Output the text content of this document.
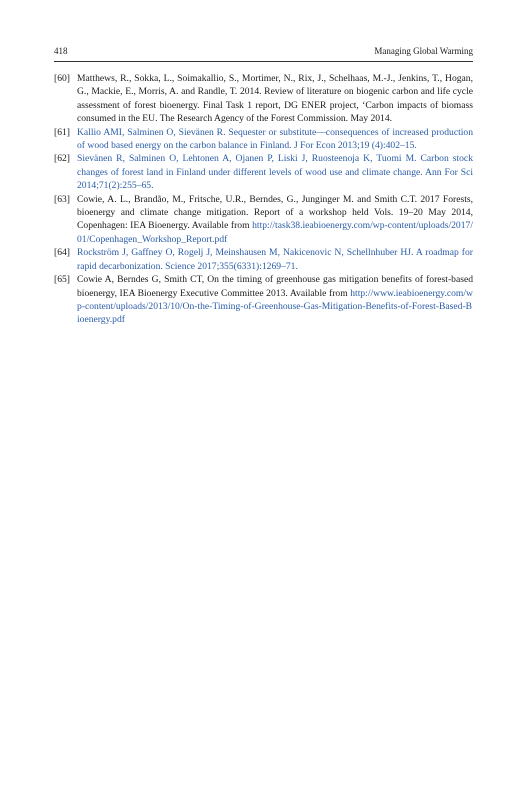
418	Managing Global Warming
[60] Matthews, R., Sokka, L., Soimakallio, S., Mortimer, N., Rix, J., Schelhaas, M.-J., Jenkins, T., Hogan, G., Mackie, E., Morris, A. and Randle, T. 2014. Review of literature on biogenic carbon and life cycle assessment of forest bioenergy. Final Task 1 report, DG ENER project, ‘Carbon impacts of biomass consumed in the EU. The Research Agency of the Forest Commission. May 2014.
[61] Kallio AMI, Salminen O, Sievänen R. Sequester or substitute—consequences of increased production of wood based energy on the carbon balance in Finland. J For Econ 2013;19 (4):402–15.
[62] Sievänen R, Salminen O, Lehtonen A, Ojanen P, Liski J, Ruosteenoja K, Tuomi M. Carbon stock changes of forest land in Finland under different levels of wood use and climate change. Ann For Sci 2014;71(2):255–65.
[63] Cowie, A. L., Brandão, M., Fritsche, U.R., Berndes, G., Junginger M. and Smith C.T. 2017 Forests, bioenergy and climate change mitigation. Report of a workshop held Vols. 19–20 May 2014, Copenhagen: IEA Bioenergy. Available from http://task38.ieabioenergy.com/wp-content/uploads/2017/01/Copenhagen_Workshop_Report.pdf
[64] Rockström J, Gaffney O, Rogelj J, Meinshausen M, Nakicenovic N, Schellnhuber HJ. A roadmap for rapid decarbonization. Science 2017;355(6331):1269–71.
[65] Cowie A, Berndes G, Smith CT, On the timing of greenhouse gas mitigation benefits of forest-based bioenergy, IEA Bioenergy Executive Committee 2013. Available from http://www.ieabioenergy.com/wp-content/uploads/2013/10/On-the-Timing-of-Greenhouse-Gas-Mitigation-Benefits-of-Forest-Based-Bioenergy.pdf
